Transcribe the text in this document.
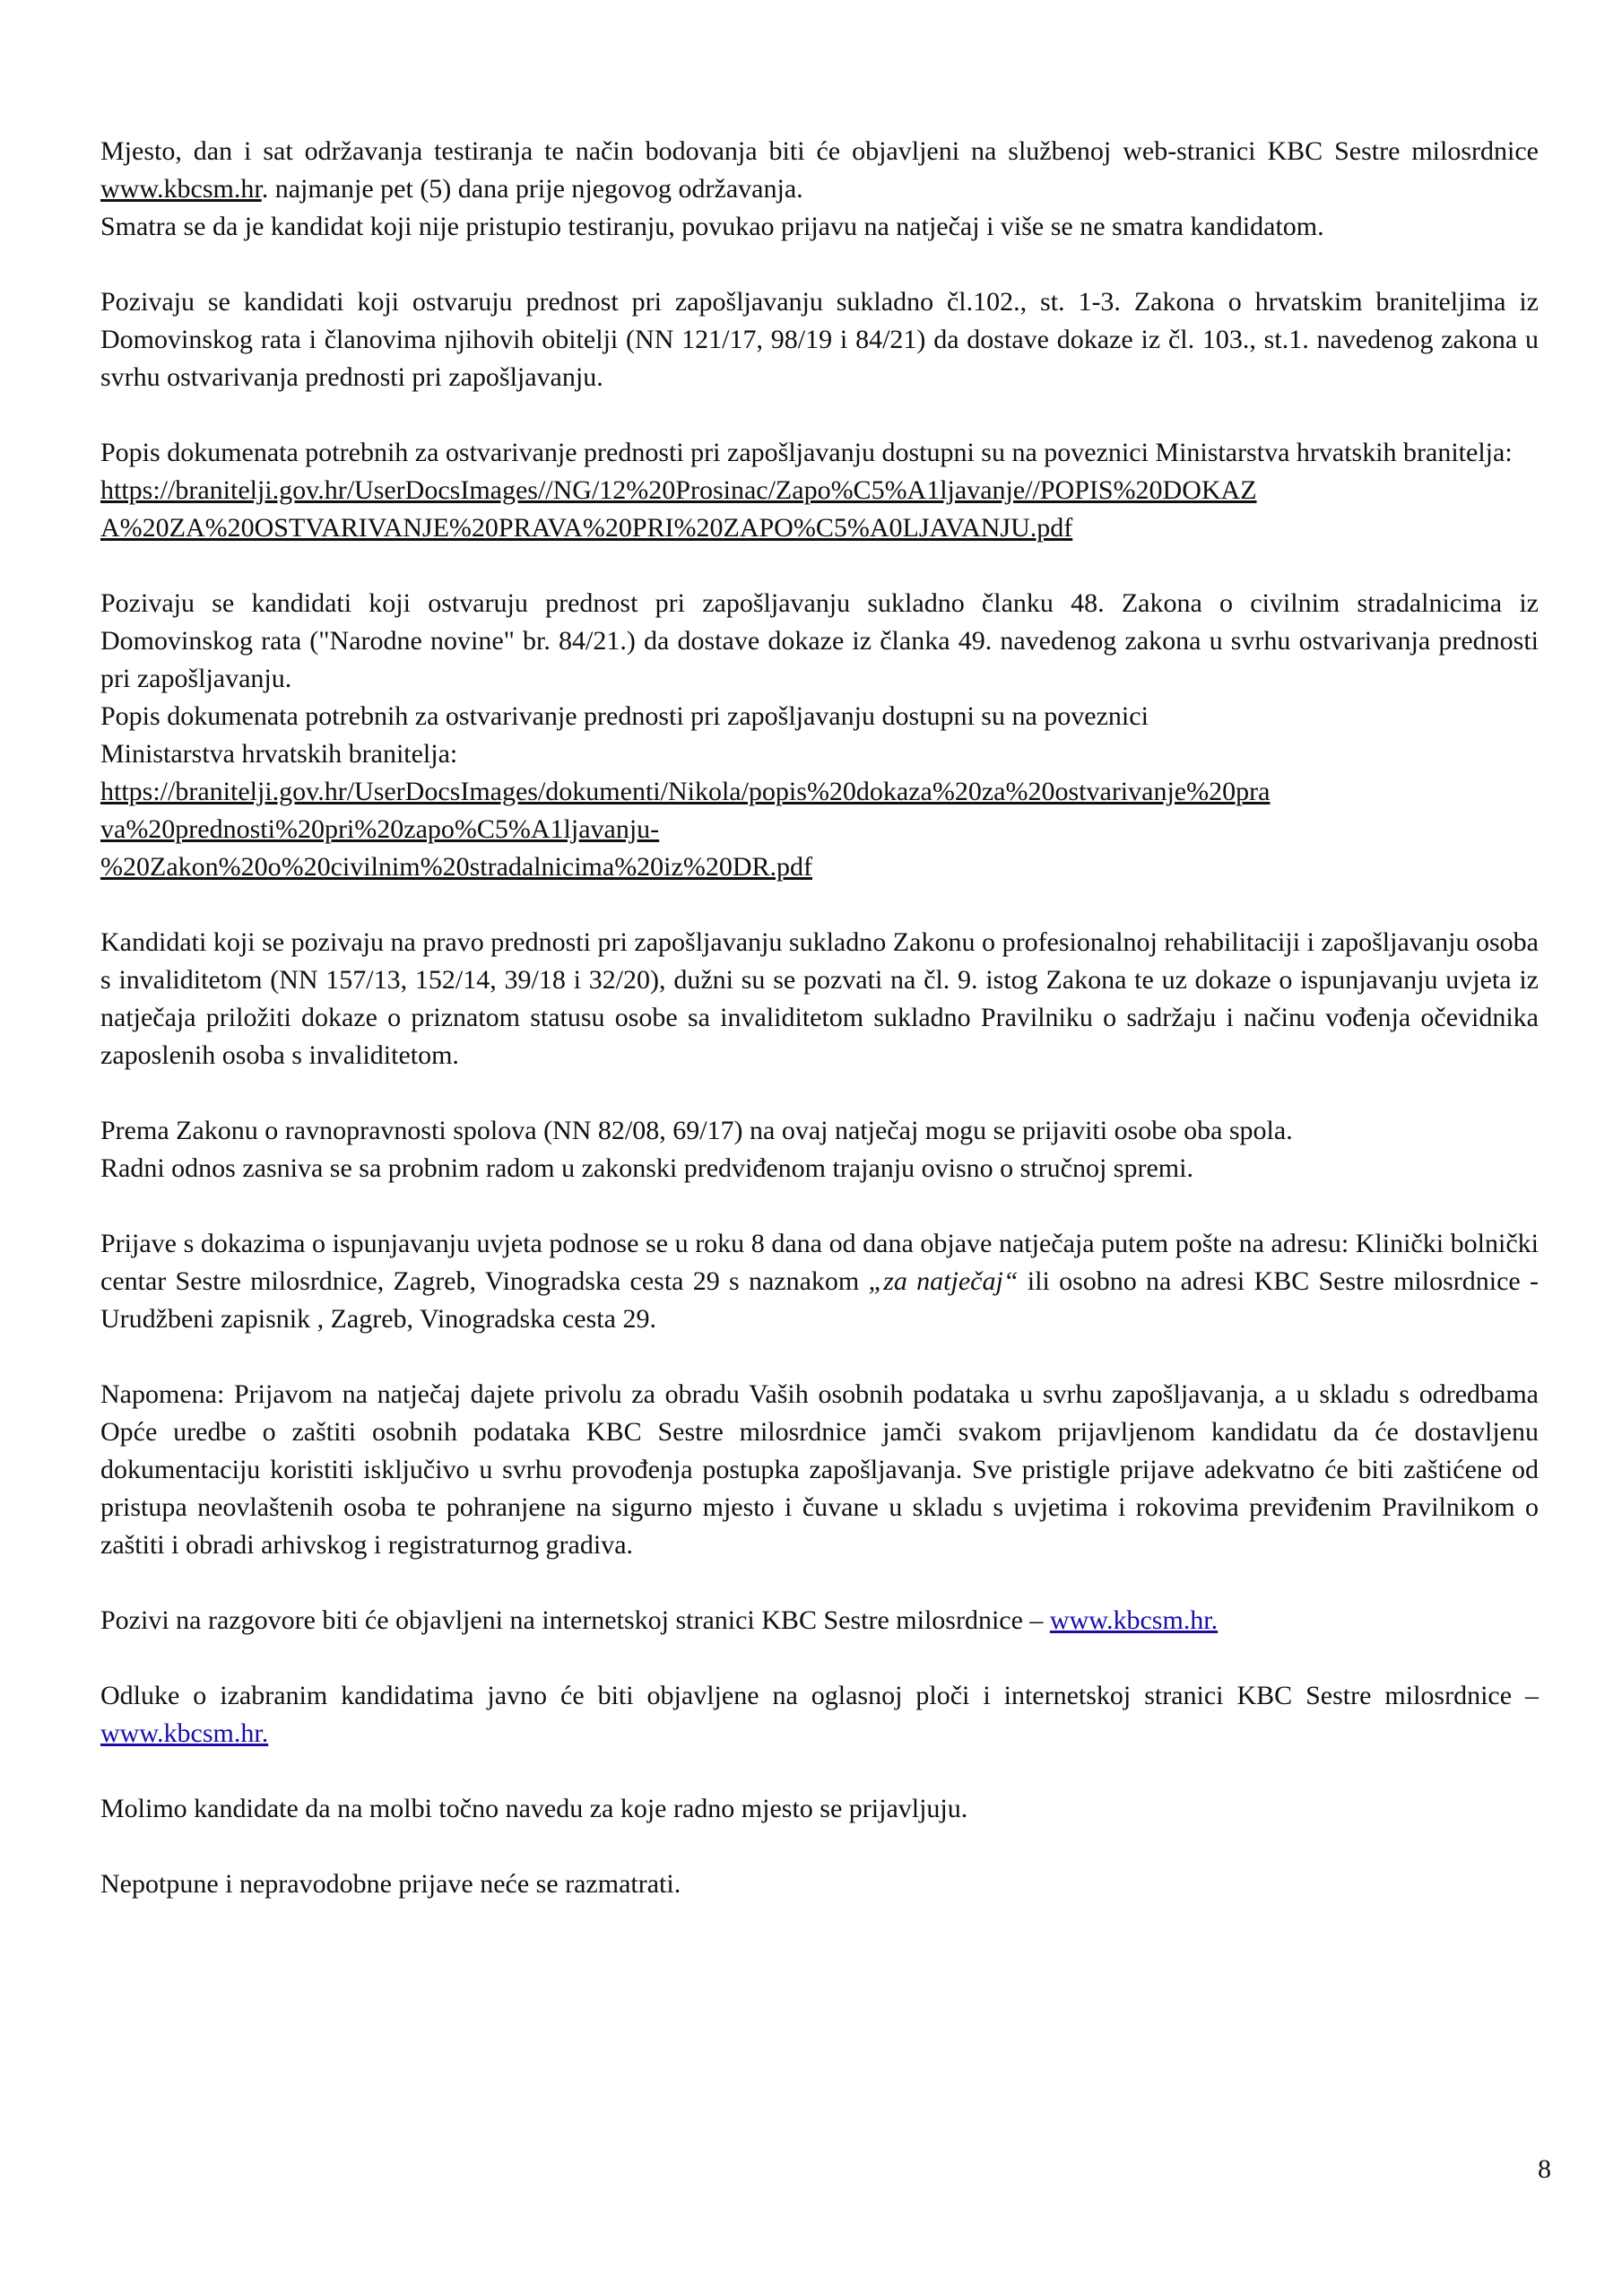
Mjesto, dan i sat održavanja testiranja te način bodovanja biti će objavljeni na službenoj web-stranici KBC Sestre milosrdnice www.kbcsm.hr. najmanje pet (5) dana prije njegovog održavanja.

Smatra se da je kandidat koji nije pristupio testiranju, povukao prijavu na natječaj i više se ne smatra kandidatom.

Pozivaju se kandidati koji ostvaruju prednost pri zapošljavanju sukladno čl.102., st. 1-3. Zakona o hrvatskim braniteljima iz Domovinskog rata i članovima njihovih obitelji (NN 121/17, 98/19 i 84/21) da dostave dokaze iz čl. 103., st.1. navedenog zakona u svrhu ostvarivanja prednosti pri zapošljavanju.

Popis dokumenata potrebnih za ostvarivanje prednosti pri zapošljavanju dostupni su na poveznici Ministarstva hrvatskih branitelja:
https://branitelji.gov.hr/UserDocsImages//NG/12%20Prosinac/Zapo%C5%A1ljavanje//POPIS%20DOKAZ
A%20ZA%20OSTVARIVANJE%20PRAVA%20PRI%20ZAPO%C5%A0LJAVANJU.pdf

Pozivaju se kandidati koji ostvaruju prednost pri zapošljavanju sukladno članku 48. Zakona o civilnim stradalnicima iz Domovinskog rata ("Narodne novine" br. 84/21.) da dostave dokaze iz članka 49. navedenog zakona u svrhu ostvarivanja prednosti pri zapošljavanju.

Popis dokumenata potrebnih za ostvarivanje prednosti pri zapošljavanju dostupni su na poveznici
Ministarstva hrvatskih branitelja:
https://branitelji.gov.hr/UserDocsImages/dokumenti/Nikola/popis%20dokaza%20za%20ostvarivanje%20pra
va%20prednosti%20pri%20zapo%C5%A1ljavanju-
%20Zakon%20o%20civilnim%20stradalnicima%20iz%20DR.pdf

Kandidati koji se pozivaju na pravo prednosti pri zapošljavanju sukladno Zakonu o profesionalnoj rehabilitaciji i zapošljavanju osoba s invaliditetom (NN 157/13, 152/14, 39/18 i 32/20), dužni su se pozvati na čl. 9. istog Zakona te uz dokaze o ispunjavanju uvjeta iz natječaja priložiti dokaze o priznatom statusu osobe sa invaliditetom sukladno Pravilniku o sadržaju i načinu vođenja očevidnika zaposlenih osoba s invaliditetom.

Prema Zakonu o ravnopravnosti spolova (NN 82/08, 69/17) na ovaj natječaj mogu se prijaviti osobe oba spola.
Radni odnos zasniva se sa probnim radom u zakonski predviđenom trajanju ovisno o stručnoj spremi.

Prijave s dokazima o ispunjavanju uvjeta podnose se u roku 8 dana od dana objave natječaja putem pošte na adresu: Klinički bolnički centar Sestre milosrdnice, Zagreb, Vinogradska cesta 29 s naznakom „za natječaj“ ili osobno na adresi KBC Sestre milosrdnice - Urudžbeni zapisnik , Zagreb, Vinogradska cesta 29.

Napomena: Prijavom na natječaj dajete privolu za obradu Vaših osobnih podataka u svrhu zapošljavanja, a u skladu s odredbama Opće uredbe o zaštiti osobnih podataka KBC Sestre milosrdnice jamči svakom prijavljenom kandidatu da će dostavljenu dokumentaciju koristiti isključivo u svrhu provođenja postupka zapošljavanja. Sve pristigle prijave adekvatno će biti zaštićene od pristupa neovlaštenih osoba te pohranjene na sigurno mjesto i čuvane u skladu s uvjetima i rokovima previđenim Pravilnikom o zaštiti i obradi arhivskog i registraturnog gradiva.

Pozivi na razgovore biti će objavljeni na internetskoj stranici KBC Sestre milosrdnice – www.kbcsm.hr.

Odluke o izabranim kandidatima javno će biti objavljene na oglasnoj ploči i internetskoj stranici KBC Sestre milosrdnice – www.kbcsm.hr.

Molimo kandidate da na molbi točno navedu za koje radno mjesto se prijavljuju.

Nepotpune i nepravodobne prijave neće se razmatrati.

8
